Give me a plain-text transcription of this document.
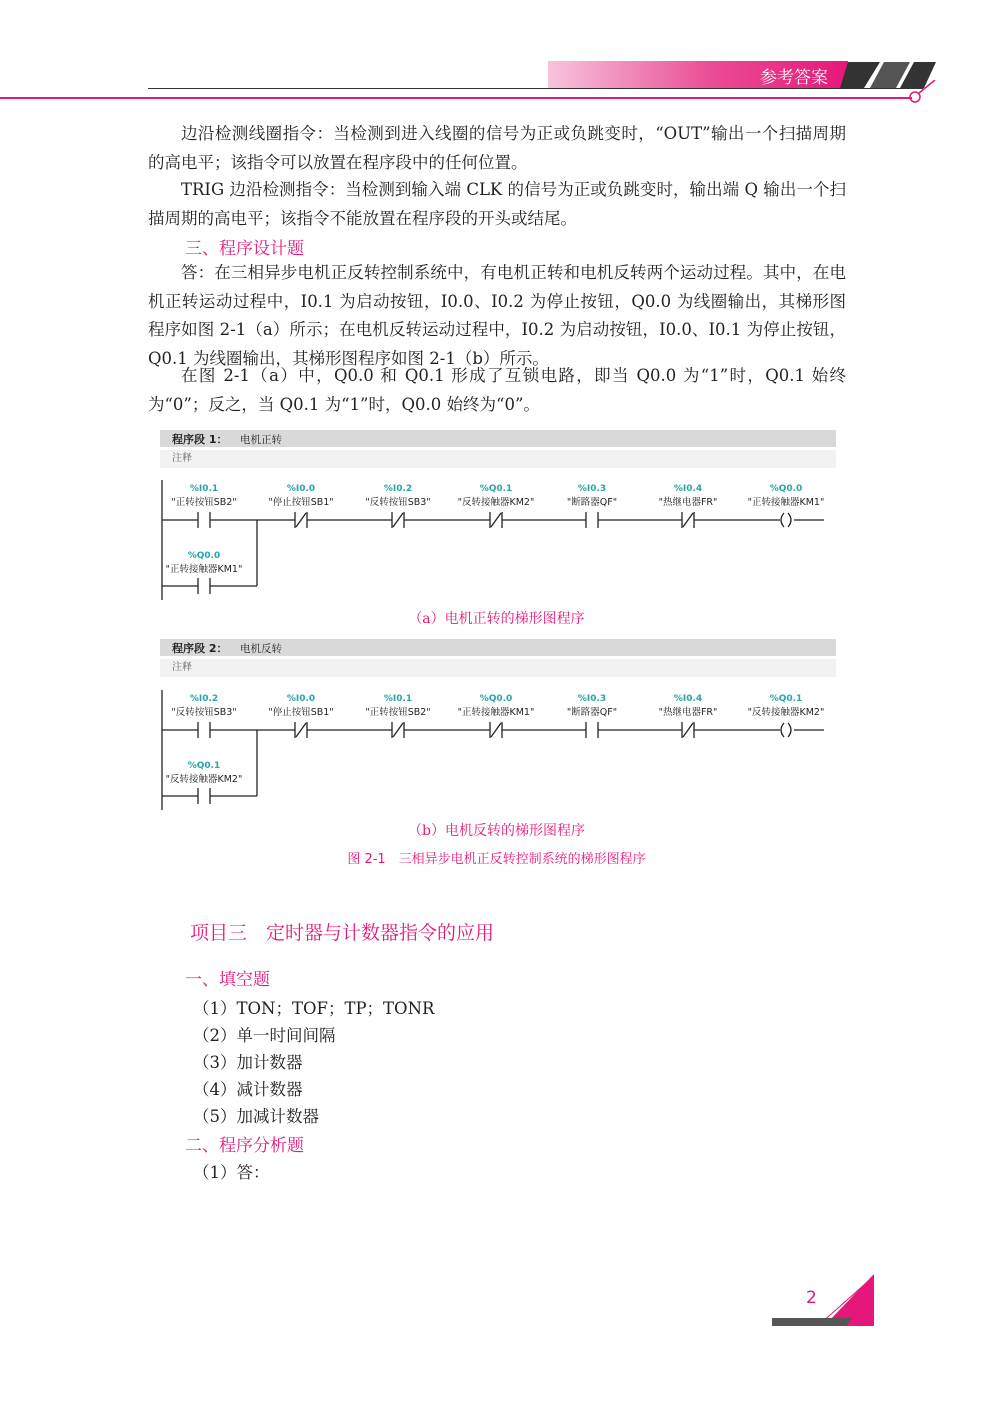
参考答案
边沿检测线圈指令：当检测到进入线圈的信号为正或负跳变时，“OUT”输出一个扫描周期的高电平；该指令可以放置在程序段中的任何位置。
TRIG 边沿检测指令：当检测到输入端 CLK 的信号为正或负跳变时，输出端 Q 输出一个扫描周期的高电平；该指令不能放置在程序段的开头或结尾。
三、程序设计题
答：在三相异步电机正反转控制系统中，有电机正转和电机反转两个运动过程。其中，在电机正转运动过程中，I0.1 为启动按钮，I0.0、I0.2 为停止按钮，Q0.0 为线圈输出，其梯形图程序如图 2-1（a）所示；在电机反转运动过程中，I0.2 为启动按钮，I0.0、I0.1 为停止按钮，Q0.1 为线圈输出，其梯形图程序如图 2-1（b）所示。
在图 2-1（a）中，Q0.0 和 Q0.1 形成了互锁电路，即当 Q0.0 为“1”时，Q0.1 始终为“0”；反之，当 Q0.1 为“1”时，Q0.0 始终为“0”。
程序段 1： 电机正转
注释
%I0.1
"正转按钮SB2"
%I0.0
"停止按钮SB1"
%I0.2
"反转按钮SB3"
%Q0.1
"反转接触器KM2"
%I0.3
"断路器QF"
%I0.4
"热继电器FR"
%Q0.0
"正转接触器KM1"
%Q0.0
"正转接触器KM1"
（a）电机正转的梯形图程序
程序段 2： 电机反转
注释
%I0.2
"反转按钮SB3"
%I0.0
"停止按钮SB1"
%I0.1
"正转按钮SB2"
%Q0.0
"正转接触器KM1"
%I0.3
"断路器QF"
%I0.4
"热继电器FR"
%Q0.1
"反转接触器KM2"
%Q0.1
"反转接触器KM2"
（b）电机反转的梯形图程序
图 2-1　三相异步电机正反转控制系统的梯形图程序
项目三　定时器与计数器指令的应用
一、填空题
（1）TON；TOF；TP；TONR
（2）单一时间间隔
（3）加计数器
（4）减计数器
（5）加减计数器
二、程序分析题
（1）答：
2
